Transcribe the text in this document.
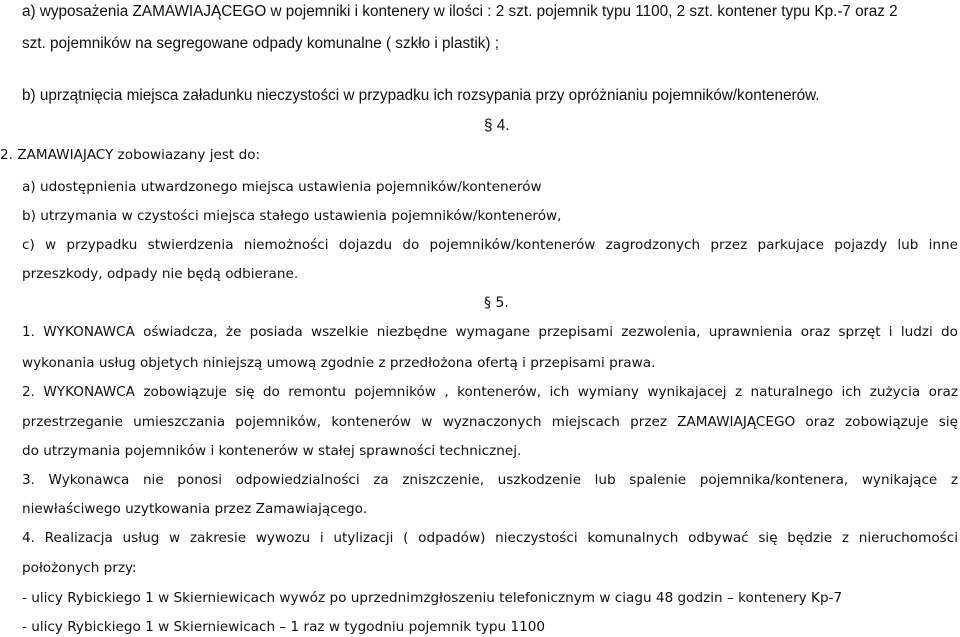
a) wyposażenia ZAMAWIAJĄCEGO w pojemniki i kontenery w ilości : 2 szt. pojemnik typu 1100, 2 szt. kontener typu Kp.-7 oraz 2
szt. pojemników na segregowane odpady komunalne ( szkło i plastik) ;
b) uprzątnięcia miejsca załadunku nieczystości w przypadku ich rozsypania przy opróżnianiu pojemników/kontenerów.
§ 4.
2. ZAMAWIAJACY zobowiazany jest do:
a) udostępnienia utwardzonego miejsca ustawienia pojemników/kontenerów
b) utrzymania w czystości miejsca stałego ustawienia pojemników/kontenerów,
c) w przypadku stwierdzenia niemożności dojazdu do pojemników/kontenerów zagrodzonych przez parkujace pojazdy lub inne
przeszkody, odpady nie będą odbierane.
§ 5.
1. WYKONAWCA oświadcza, że posiada wszelkie niezbędne wymagane przepisami zezwolenia, uprawnienia oraz sprzęt i ludzi do
wykonania usług objetych niniejszą umową zgodnie z przedłożona ofertą i przepisami prawa.
2. WYKONAWCA zobowiązuje się do remontu pojemników , kontenerów, ich wymiany wynikajacej z naturalnego ich zużycia oraz
przestrzeganie umieszczania pojemników, kontenerów w wyznaczonych miejscach przez ZAMAWIAJĄCEGO oraz zobowiązuje się
do utrzymania pojemników i kontenerów w stałej sprawności technicznej.
3. Wykonawca nie ponosi odpowiedzialności za zniszczenie, uszkodzenie lub spalenie pojemnika/kontenera, wynikające z
niewłaściwego uzytkowania przez Zamawiającego.
4. Realizacja usług w zakresie wywozu i utylizacji ( odpadów) nieczystości komunalnych odbywać się będzie z nieruchomości
położonych przy:
- ulicy Rybickiego 1 w Skierniewicach wywóz po uprzednimzgłoszeniu telefonicznym w ciagu 48 godzin – kontenery Kp-7
- ulicy Rybickiego 1 w Skierniewicach – 1 raz w tygodniu pojemnik typu 1100
